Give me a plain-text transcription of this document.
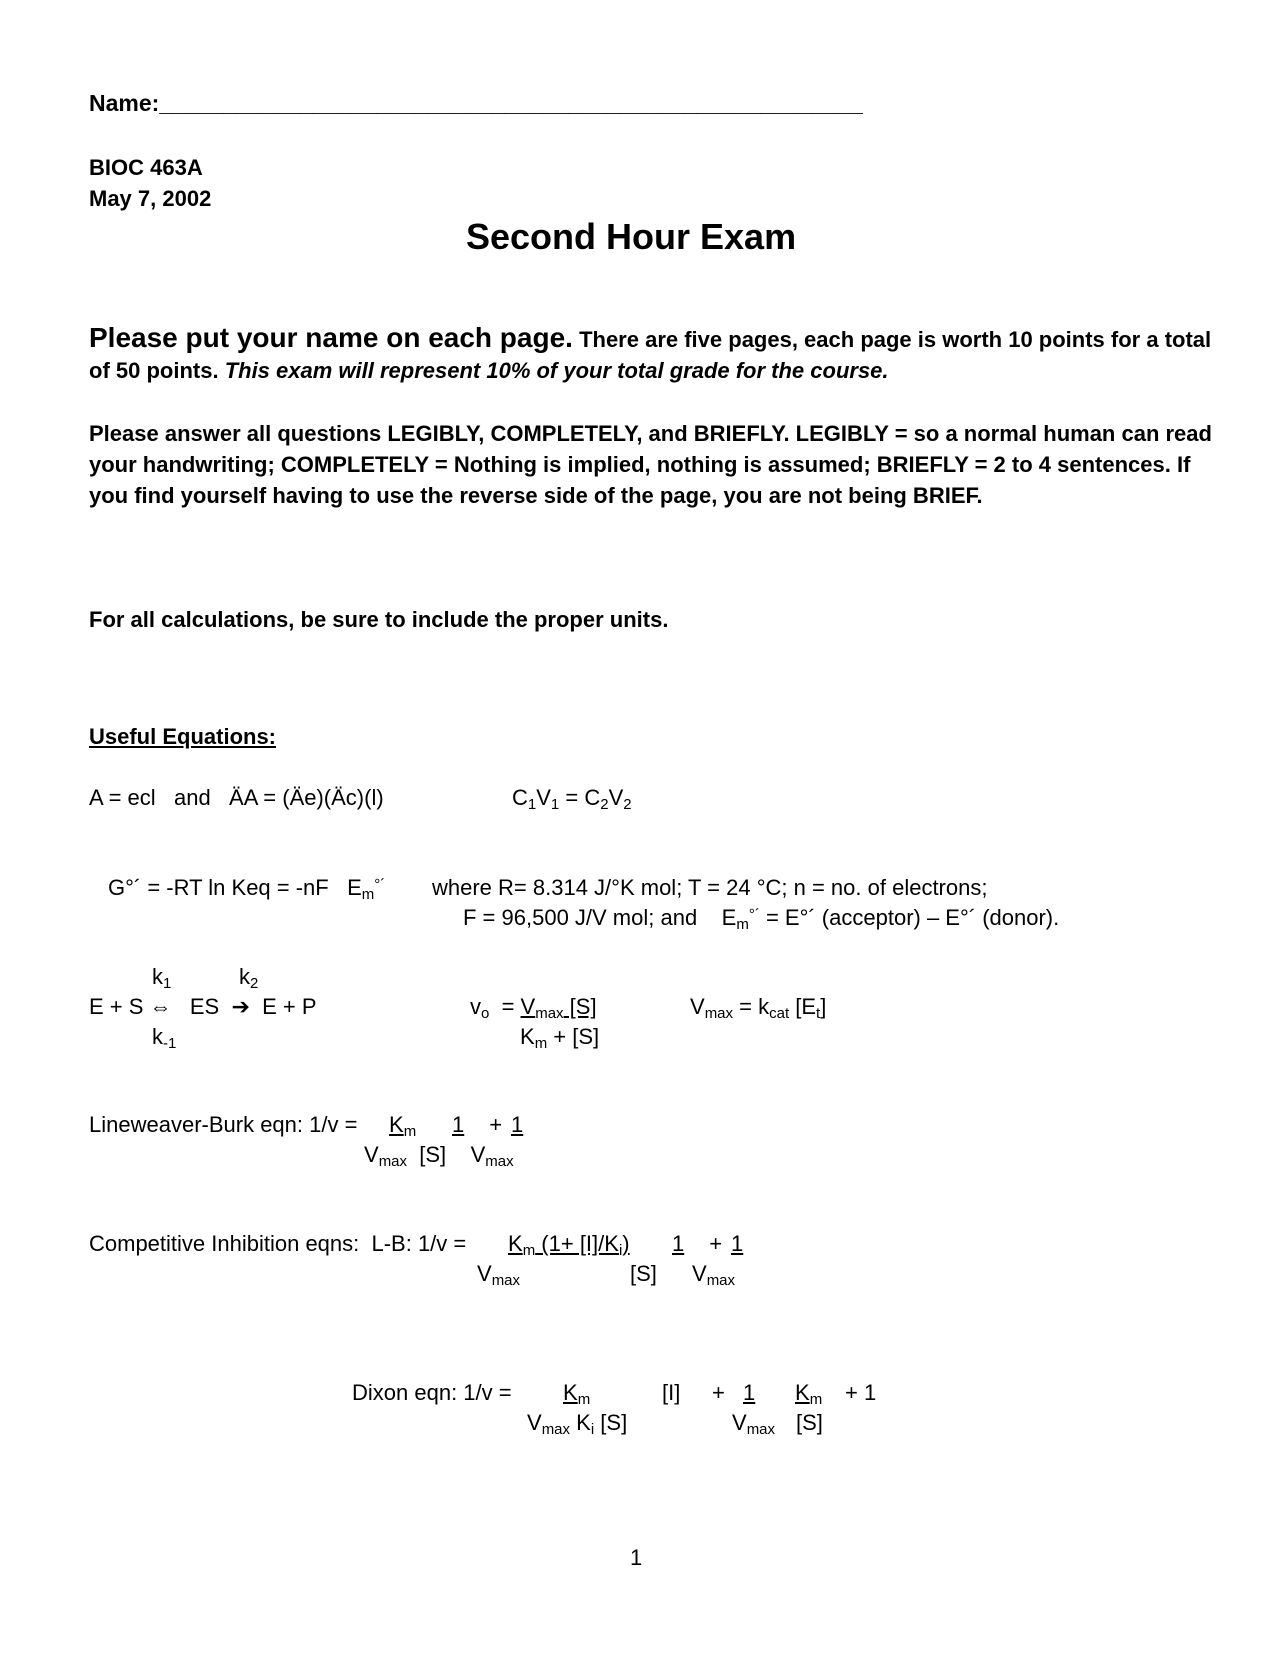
Name:_______________________________________________________
BIOC 463A
May 7, 2002
Second Hour Exam
Please put your name on each page. There are five pages, each page is worth 10 points for a total of 50 points. This exam will represent 10% of your total grade for the course.
Please answer all questions LEGIBLY, COMPLETELY, and BRIEFLY. LEGIBLY = so a normal human can read your handwriting; COMPLETELY = Nothing is implied, nothing is assumed; BRIEFLY = 2 to 4 sentences. If you find yourself having to use the reverse side of the page, you are not being BRIEF.
For all calculations, be sure to include the proper units.
Useful Equations:
A = ecl   and   ÄA = (Äe)(Äc)(l)	$C_1V_1 = C_2V_2$
G°´ = -RT ln Keq = -nF   $E_m^{^\circ´}$ where R= 8.314 J/°K mol; T = 24 °C; n = no. of electrons;
F = 96,500 J/V mol; and    $E_m^{^\circ´}$ = E°´ (acceptor) – E°´ (donor).
$k_1$	$k_2$
E + S ⇔   ES  ➔  E + P
$k_{-1}$
$v_o = V_{max}$ [S]
$K_m + [S]$
$V_{max} = k_{cat}$ $[E_t]$
Lineweaver-Burk eqn: $1/v = K_m$ 1 +
1
$V_{max}$  [S]    $V_{max}$
Competitive Inhibition eqns:  L-B: $1/v = K_m$ $(1+ [I]/K_i)$ 1 +
1
$V_{max}$	[S] $V_{max}$
Dixon eqn: $1/v = K_m$	[I] + 1 $K_m + 1$
$V_{max}$ $K_i$ [S]	$V_{max}$ [S]
1
